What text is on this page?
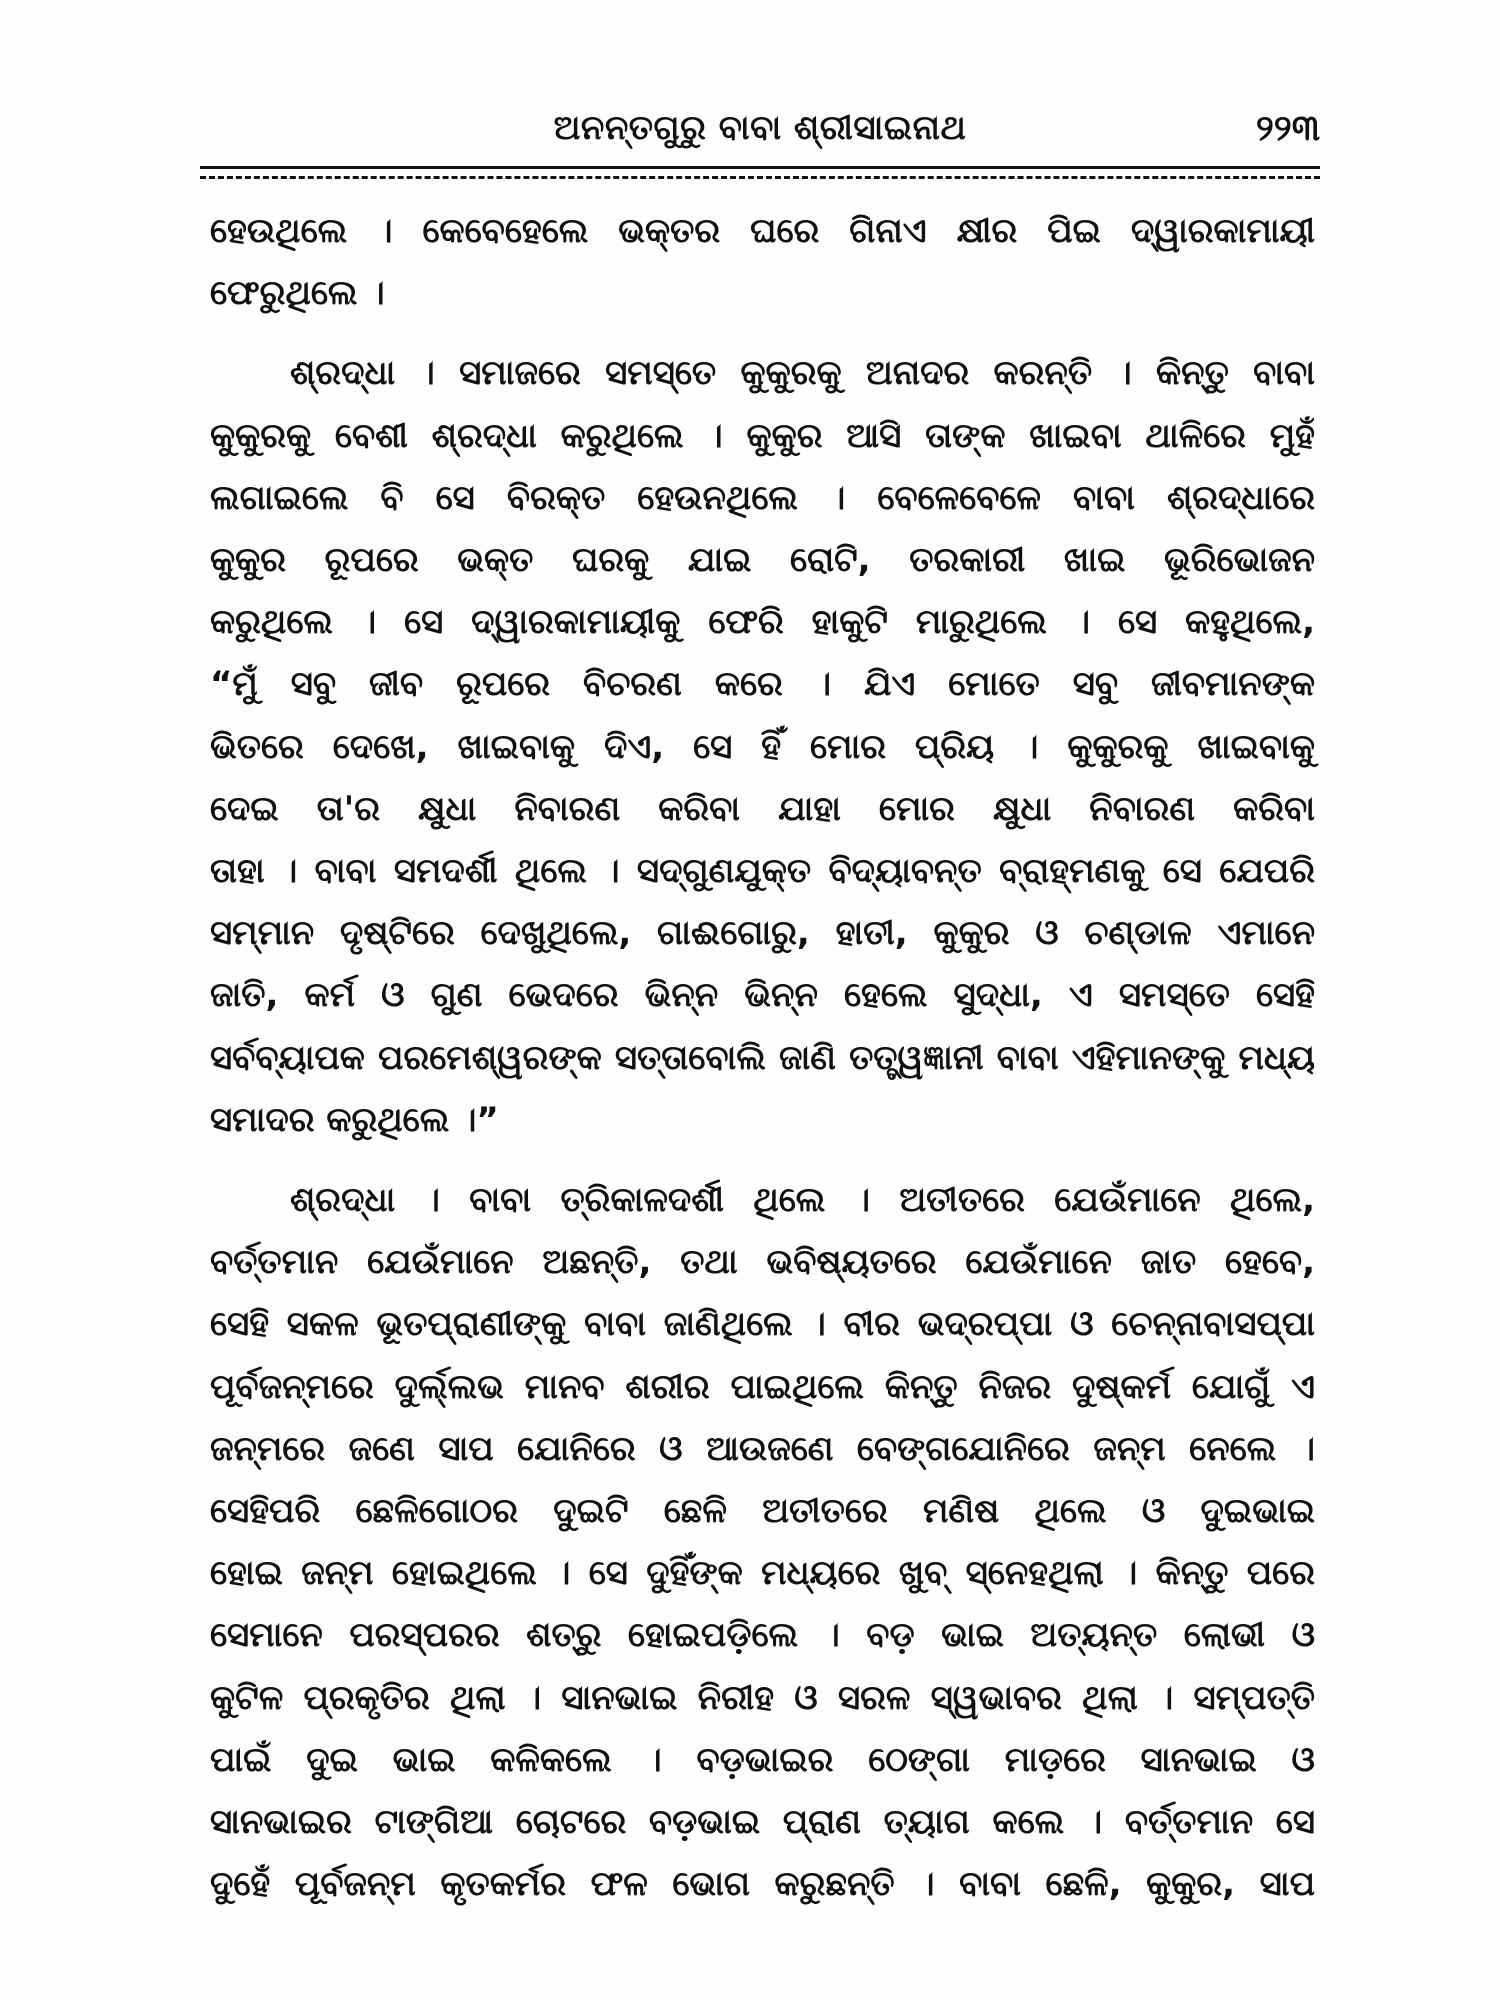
ଅନନ୍ତଗୁରୁ ବାବା ଶ୍ରୀସାଇନାଥ	୨୨୩

ହେଉଥିଲେ । କେବେହେଲେ ଭକ୍ତର ଘରେ ଗିନାଏ କ୍ଷୀର ପିଇ ଦ୍ୱାରକାମାୟୀ
ଫେରୁଥିଲେ ।

ଶ୍ରଦ୍ଧା । ସମାଜରେ ସମସ୍ତେ କୁକୁରକୁ ଅନାଦର କରନ୍ତି । କିନ୍ତୁ ବାବା
କୁକୁରକୁ ବେଶୀ ଶ୍ରଦ୍ଧା କରୁଥିଲେ । କୁକୁର ଆସି ତାଙ୍କ ଖାଇବା ଥାଳିରେ ମୁହଁ
ଲଗାଇଲେ ବି ସେ ବିରକ୍ତ ହେଉନଥିଲେ । ବେଳେବେଳେ ବାବା ଶ୍ରଦ୍ଧାରେ
କୁକୁର ରୂପରେ ଭକ୍ତ ଘରକୁ ଯାଇ ରୋଟି, ତରକାରୀ ଖାଇ ଭୂରିଭୋଜନ
କରୁଥିଲେ । ସେ ଦ୍ୱାରକାମାୟୀକୁ ଫେରି ହାକୁଟି ମାରୁଥିଲେ । ସେ କହୁଥିଲେ,
“ମୁଁ ସବୁ ଜୀବ ରୂପରେ ବିଚରଣ କରେ । ଯିଏ ମୋତେ ସବୁ ଜୀବମାନଙ୍କ
ଭିତରେ ଦେଖେ, ଖାଇବାକୁ ଦିଏ, ସେ ହିଁ ମୋର ପ୍ରିୟ । କୁକୁରକୁ ଖାଇବାକୁ
ଦେଇ ତା'ର କ୍ଷୁଧା ନିବାରଣ କରିବା ଯାହା ମୋର କ୍ଷୁଧା ନିବାରଣ କରିବା
ତାହା । ବାବା ସମଦର୍ଶୀ ଥିଲେ । ସଦ୍‌ଗୁଣଯୁକ୍ତ ବିଦ୍ୟାବନ୍ତ ବ୍ରାହ୍ମଣକୁ ସେ ଯେପରି
ସମ୍ମାନ ଦୃଷ୍ଟିରେ ଦେଖୁଥିଲେ, ଗାଈଗୋରୁ, ହାତୀ, କୁକୁର ଓ ଚଣ୍ଡାଳ ଏମାନେ
ଜାତି, କର୍ମ ଓ ଗୁଣ ଭେଦରେ ଭିନ୍ନ ଭିନ୍ନ ହେଲେ ସୁଦ୍ଧା, ଏ ସମସ୍ତେ ସେହି
ସର୍ବବ୍ୟାପକ ପରମେଶ୍ୱରଙ୍କ ସତ୍ତାବୋଲି ଜାଣି ତତ୍ତ୍ୱଜ୍ଞାନୀ ବାବା ଏହିମାନଙ୍କୁ ମଧ୍ୟ
ସମାଦର କରୁଥିଲେ ।”

ଶ୍ରଦ୍ଧା । ବାବା ତ୍ରିକାଳଦର୍ଶୀ ଥିଲେ । ଅତୀତରେ ଯେଉଁମାନେ ଥିଲେ,
ବର୍ତ୍ତମାନ ଯେଉଁମାନେ ଅଛନ୍ତି, ତଥା ଭବିଷ୍ୟତରେ ଯେଉଁମାନେ ଜାତ ହେବେ,
ସେହି ସକଳ ଭୂତପ୍ରାଣୀଙ୍କୁ ବାବା ଜାଣିଥିଲେ । ବୀର ଭଦ୍ରପ୍ପା ଓ ଚେନ୍ନାବାସପ୍ପା
ପୂର୍ବଜନ୍ମରେ ଦୁର୍ଲ୍ଲଭ ମାନବ ଶରୀର ପାଇଥିଲେ କିନ୍ତୁ ନିଜର ଦୁଷ୍କର୍ମ ଯୋଗୁଁ ଏ
ଜନ୍ମରେ ଜଣେ ସାପ ଯୋନିରେ ଓ ଆଉଜଣେ ବେଙ୍ଗଯୋନିରେ ଜନ୍ମ ନେଲେ ।
ସେହିପରି ଛେଳିଗୋଠର ଦୁଇଟି ଛେଳି ଅତୀତରେ ମଣିଷ ଥିଲେ ଓ ଦୁଇଭାଇ
ହୋଇ ଜନ୍ମ ହୋଇଥିଲେ । ସେ ଦୁହିଁଙ୍କ ମଧ୍ୟରେ ଖୁବ୍ ସ୍ନେହଥିଲା । କିନ୍ତୁ ପରେ
ସେମାନେ ପରସ୍ପରର ଶତ୍ରୁ ହୋଇପଡ଼ିଲେ । ବଡ଼ ଭାଇ ଅତ୍ୟନ୍ତ ଲୋଭୀ ଓ
କୁଟିଳ ପ୍ରକୃତିର ଥିଲା । ସାନଭାଇ ନିରୀହ ଓ ସରଳ ସ୍ୱଭାବର ଥିଲା । ସମ୍ପତ୍ତି
ପାଇଁ ଦୁଇ ଭାଇ କଳିକଲେ । ବଡ଼ଭାଇର ଠେଙ୍ଗା ମାଡ଼ରେ ସାନଭାଇ ଓ
ସାନଭାଇର ଟାଙ୍ଗିଆ ଚୋଟରେ ବଡ଼ଭାଇ ପ୍ରାଣ ତ୍ୟାଗ କଲେ । ବର୍ତ୍ତମାନ ସେ
ଦୁହେଁ ପୂର୍ବଜନ୍ମ କୃତକର୍ମର ଫଳ ଭୋଗ କରୁଛନ୍ତି । ବାବା ଛେଳି, କୁକୁର, ସାପ
